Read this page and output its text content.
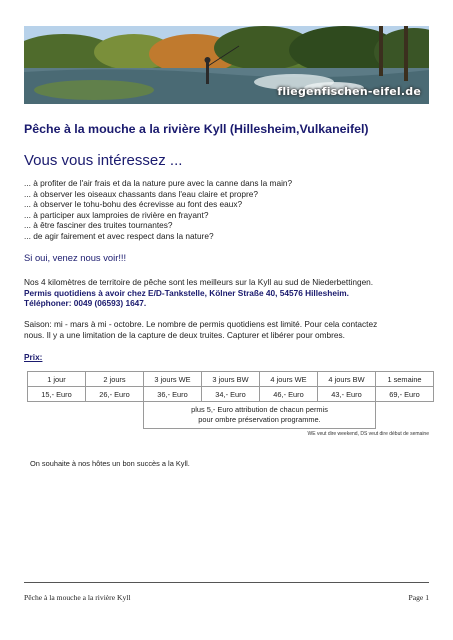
fliegenfischen-eifel.de
Pêche à la mouche a la rivière Kyll (Hillesheim,Vulkaneifel)
Vous vous intéressez ...
... à profiter de l'air frais et da la nature pure avec la canne dans la main?
... à observer les oiseaux chassants dans l'eau claire et propre?
... à observer le tohu-bohu des écrevisse au font des eaux?
... à participer aux lamproies de rivière en frayant?
... à être fasciner des truites tournantes?
... de agir fairement et avec respect dans la nature?
Si oui, venez nous voir!!!
Nos 4 kilomètres de territoire de pêche sont les meilleurs sur la Kyll au sud de Niederbettingen.
Permis quotidiens à avoir chez E/D-Tankstelle, Kölner Straße 40, 54576 Hillesheim.
Téléphoner: 0049 (06593) 1647.
Saison: mi - mars à mi - octobre. Le nombre de permis quotidiens est limité. Pour cela contactez
nous. Il y a une limitation de la capture de deux truites. Capturer et libérer pour ombres.
Prix:
1 jour	2 jours	3 jours WE	3 jours BW	4 jours WE	4 jours BW	1 semaine
15,- Euro	26,- Euro	36,- Euro	34,- Euro	46,- Euro	43,- Euro	69,- Euro

		plus 5,- Euro attribution de chacun permis
pour ombre préservation programme.				

WE veut dire weekend, DS veut dire début de semaine
On souhaite à nos hôtes un bon succès a la Kyll.
Pêche à la mouche a la rivière Kyll	Page 1
